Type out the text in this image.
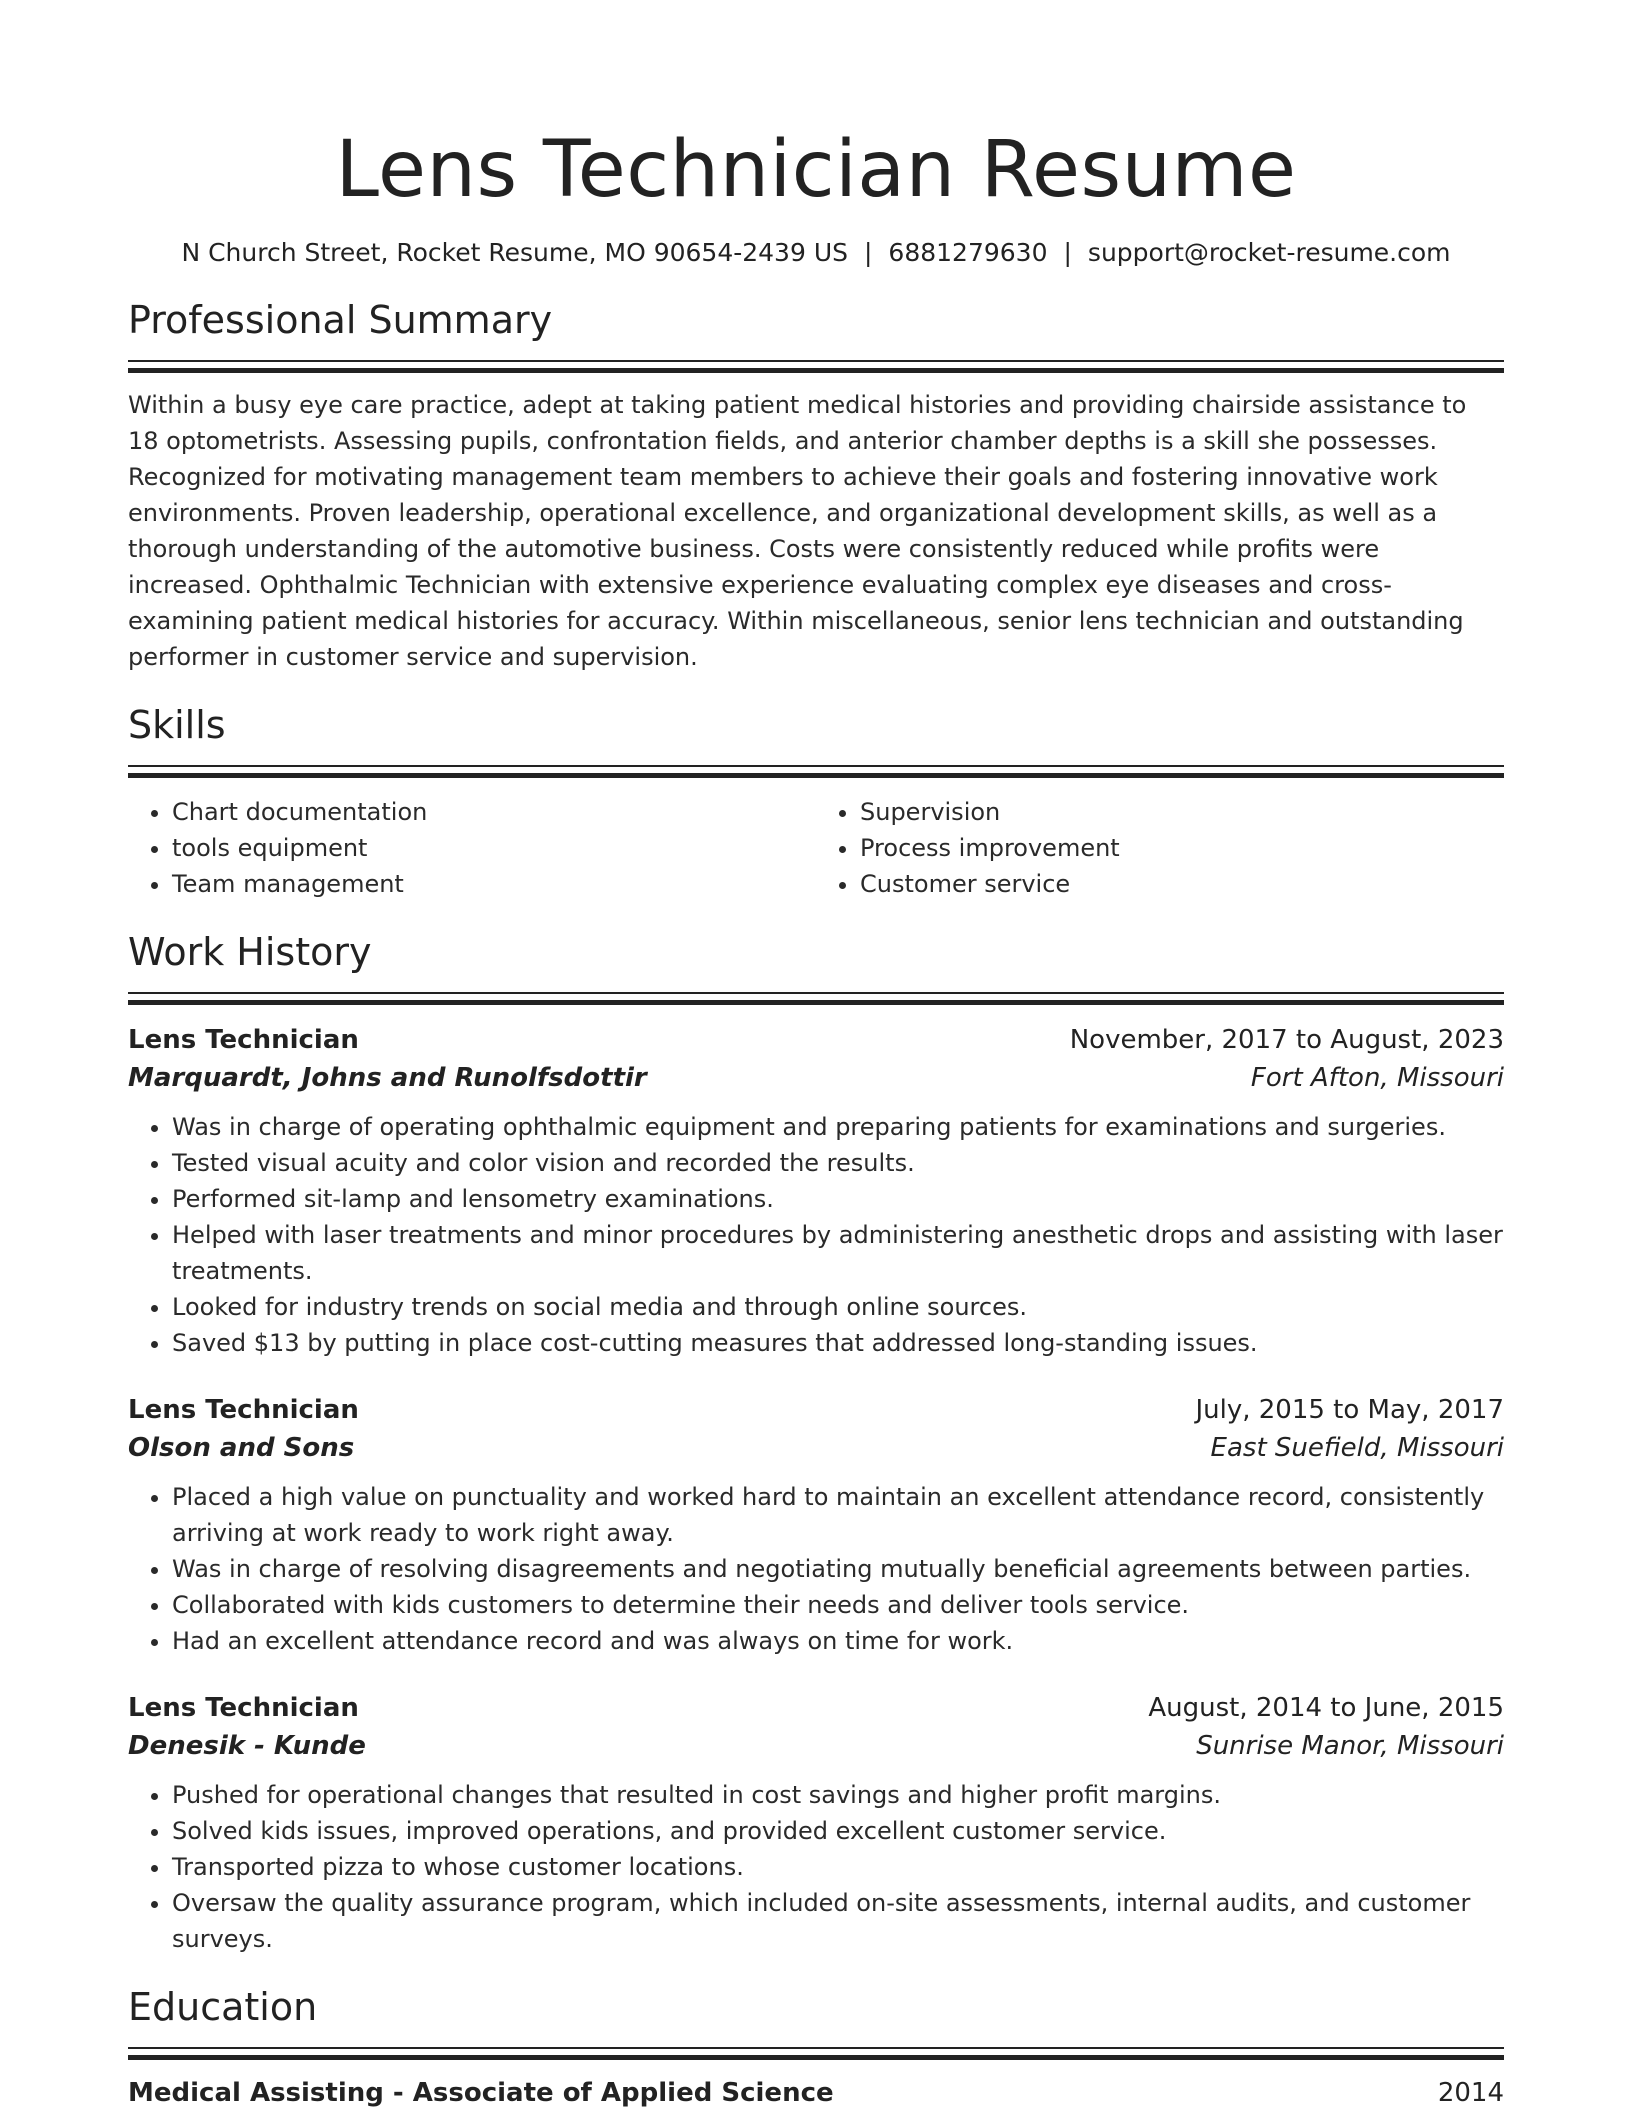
Lens Technician Resume
N Church Street, Rocket Resume, MO 90654-2439 US | 6881279630 | support@rocket-resume.com
Professional Summary
Within a busy eye care practice, adept at taking patient medical histories and providing chairside assistance to 18 optometrists. Assessing pupils, confrontation fields, and anterior chamber depths is a skill she possesses. Recognized for motivating management team members to achieve their goals and fostering innovative work environments. Proven leadership, operational excellence, and organizational development skills, as well as a thorough understanding of the automotive business. Costs were consistently reduced while profits were increased. Ophthalmic Technician with extensive experience evaluating complex eye diseases and cross-examining patient medical histories for accuracy. Within miscellaneous, senior lens technician and outstanding performer in customer service and supervision.
Skills
• Chart documentation
• tools equipment
• Team management
• Supervision
• Process improvement
• Customer service
Work History
Lens Technician	November, 2017 to August, 2023
Marquardt, Johns and Runolfsdottir	Fort Afton, Missouri
• Was in charge of operating ophthalmic equipment and preparing patients for examinations and surgeries.
• Tested visual acuity and color vision and recorded the results.
• Performed sit-lamp and lensometry examinations.
• Helped with laser treatments and minor procedures by administering anesthetic drops and assisting with laser treatments.
• Looked for industry trends on social media and through online sources.
• Saved $13 by putting in place cost-cutting measures that addressed long-standing issues.
Lens Technician	July, 2015 to May, 2017
Olson and Sons	East Suefield, Missouri
• Placed a high value on punctuality and worked hard to maintain an excellent attendance record, consistently arriving at work ready to work right away.
• Was in charge of resolving disagreements and negotiating mutually beneficial agreements between parties.
• Collaborated with kids customers to determine their needs and deliver tools service.
• Had an excellent attendance record and was always on time for work.
Lens Technician	August, 2014 to June, 2015
Denesik - Kunde	Sunrise Manor, Missouri
• Pushed for operational changes that resulted in cost savings and higher profit margins.
• Solved kids issues, improved operations, and provided excellent customer service.
• Transported pizza to whose customer locations.
• Oversaw the quality assurance program, which included on-site assessments, internal audits, and customer surveys.
Education
Medical Assisting - Associate of Applied Science	2014
